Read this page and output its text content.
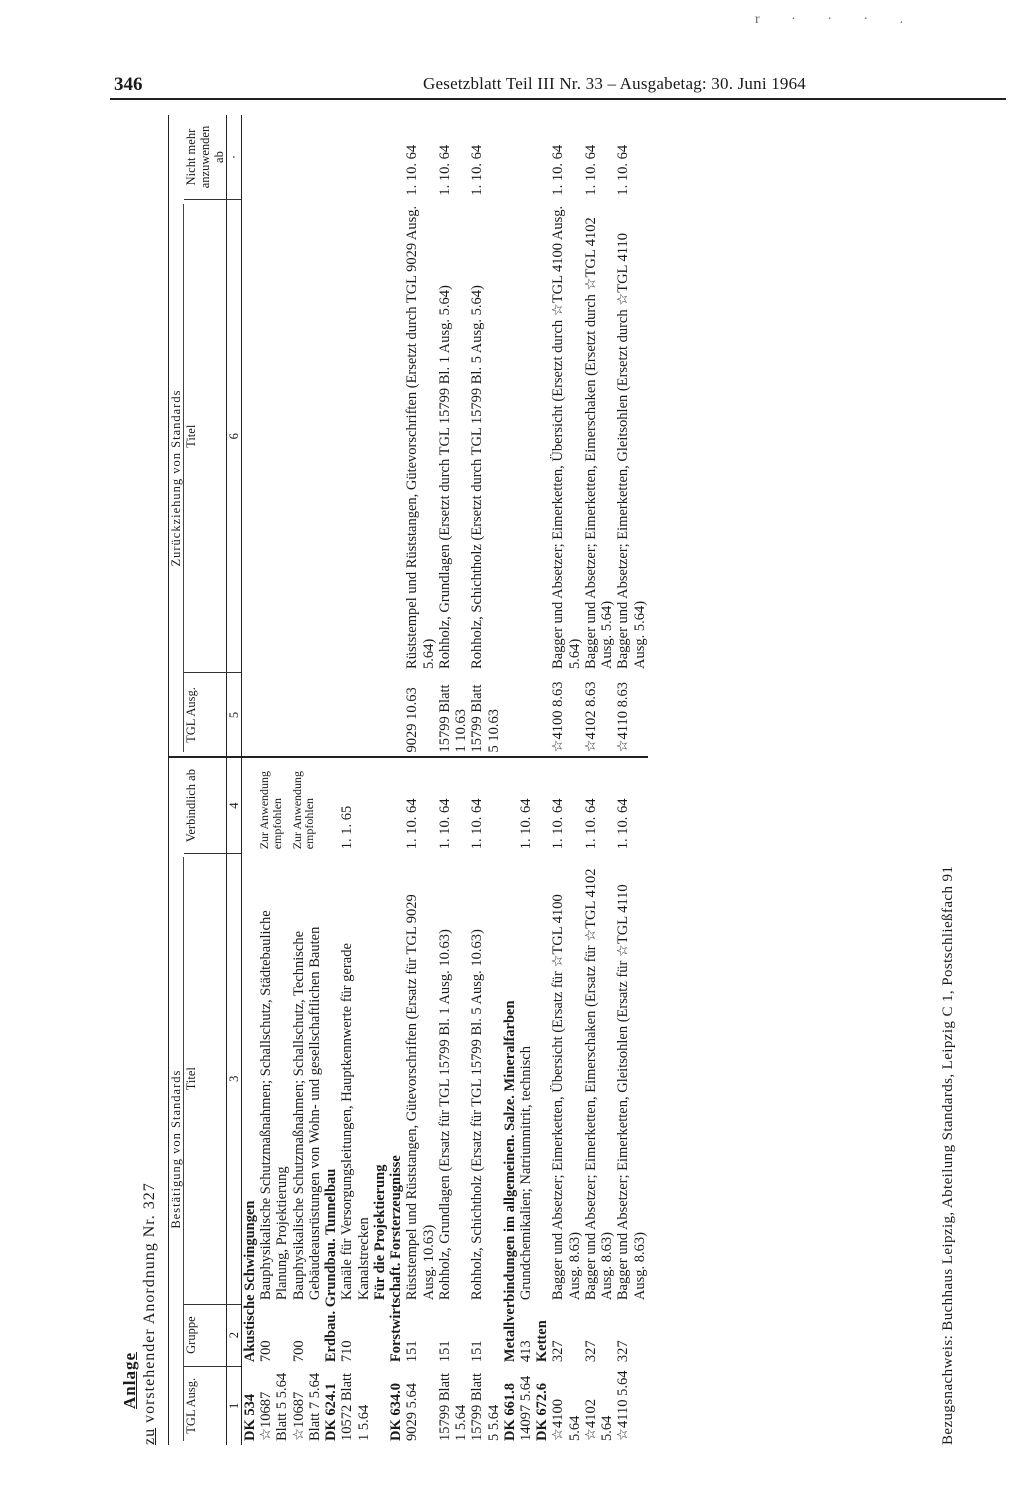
346	Gesetzblatt Teil III Nr. 33 – Ausgabetag: 30. Juni 1964
r · · · .
Anlage
zu vorstehender Anordnung Nr. 327
Bestätigung von Standards				Zurückziehung von Standards		

TGL Ausg.	Gruppe	Titel	Verbindlich ab	TGL Ausg.	Titel	Nicht mehr anzuwenden ab
1	2	3	4	5	6	·
DK 534	Akustische Schwingungen					
☆10687 Blatt 5 5.64	700	Bauphysikalische Schutzmaßnahmen; Schallschutz, Städtebauliche Planung, Projektierung	Zur Anwendung empfohlen			
☆10687 Blatt 7 5.64	700	Bauphysikalische Schutzmaßnahmen; Schallschutz, Technische Gebäudeausrüstungen von Wohn- und gesellschaftlichen Bauten	Zur Anwendung empfohlen			
DK 624.1	Erdbau. Grundbau. Tunnelbau					
10572 Blatt 1 5.64	710	Kanäle für Versorgungsleitungen, Hauptkennwerte für gerade Kanalstrecken Für die Projektierung	1. 1. 65			
DK 634.0	Forstwirtschaft. Forsterzeugnisse					
9029 5.64	151	Rüststempel und Rüststangen, Gütevorschriften (Ersatz für TGL 9029 Ausg. 10.63)	1. 10. 64	9029 10.63	Rüststempel und Rüststangen, Gütevorschriften (Ersetzt durch TGL 9029 Ausg. 5.64)	1. 10. 64
15799 Blatt 1 5.64	151	Rohholz, Grundlagen (Ersatz für TGL 15799 Bl. 1 Ausg. 10.63)	1. 10. 64	15799 Blatt 1 10.63	Rohholz, Grundlagen (Ersetzt durch TGL 15799 Bl. 1 Ausg. 5.64)	1. 10. 64
15799 Blatt 5 5.64	151	Rohholz, Schichtholz (Ersatz für TGL 15799 Bl. 5 Ausg. 10.63)	1. 10. 64	15799 Blatt 5 10.63	Rohholz, Schichtholz (Ersetzt durch TGL 15799 Bl. 5 Ausg. 5.64)	1. 10. 64
DK 661.8	Metallverbindungen im allgemeinen. Salze. Mineralfarben					
14097 5.64	413	Grundchemikalien; Natriumnitrit, technisch	1. 10. 64			
DK 672.6	Ketten					
☆4100 5.64	327	Bagger und Absetzer; Eimerketten, Übersicht (Ersatz für ☆TGL 4100 Ausg. 8.63)	1. 10. 64	☆4100 8.63	Bagger und Absetzer; Eimerketten, Übersicht (Ersetzt durch ☆TGL 4100 Ausg. 5.64)	1. 10. 64
☆4102 5.64	327	Bagger und Absetzer; Eimerketten, Eimerschaken (Ersatz für ☆TGL 4102 Ausg. 8.63)	1. 10. 64	☆4102 8.63	Bagger und Absetzer; Eimerketten, Eimerschaken (Ersetzt durch ☆TGL 4102 Ausg. 5.64)	1. 10. 64
☆4110 5.64	327	Bagger und Absetzer; Eimerketten, Gleitsohlen (Ersatz für ☆TGL 4110 Ausg. 8.63)	1. 10. 64	☆4110 8.63	Bagger und Absetzer; Eimerketten, Gleitsohlen (Ersetzt durch ☆TGL 4110 Ausg. 5.64)	1. 10. 64
Bezugsnachweis: Buchhaus Leipzig, Abteilung Standards, Leipzig C 1, Postschließfach 91
